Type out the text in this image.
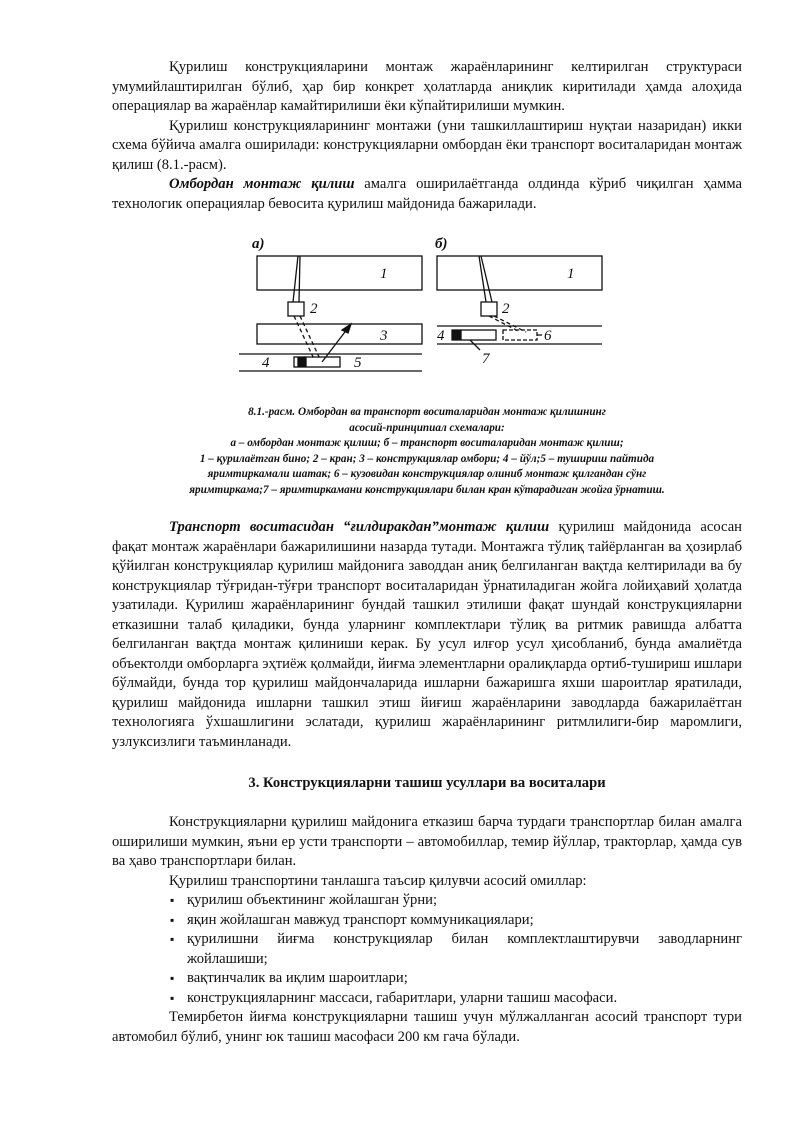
Қурилиш конструкцияларини монтаж жараёнларининг келтирилган структураси умумийлаштирилган бўлиб, ҳар бир конкрет ҳолатларда аниқлик киритилади ҳамда алоҳида операциялар ва жараёнлар камайтирилиши ёки кўпайтирилиши мумкин.

Қурилиш конструкцияларининг монтажи (уни ташкиллаштириш нуқтаи назаридан) икки схема бўйича амалга оширилади: конструкцияларни омбордан ёки транспорт воситаларидан монтаж қилиш (8.1.-расм).

Омбордан монтаж қилиш амалга оширилаётганда олдинда кўриб чиқилган ҳамма технологик операциялар бевосита қурилиш майдонида бажарилади.

а)	б)
1
2
3
4	5
1
2
4	6
7
8.1.-расм. Омбордан ва транспорт воситаларидан монтаж қилишнинг
асосий-принципиал схемалари:
а – омбордан монтаж қилиш; б – транспорт воситаларидан монтаж қилиш;
1 – қурилаётган бино; 2 – кран; 3 – конструкциялар омбори; 4 – йўл;5 – тушириш пайтида
яримтиркамали шатак; 6 – кузовидан конструкциялар олиниб монтаж қилгандан сўнг
яримтиркама;7 – яримтиркамани конструкциялари билан кран кўтарадиган жойга ўрнатиш.

Транспорт воситасидан “ғилдиракдан”монтаж қилиш қурилиш майдонида асосан фақат монтаж жараёнлари бажарилишини назарда тутади. Монтажга тўлиқ тайёрланган ва ҳозирлаб қўйилган конструкциялар қурилиш майдонига заводдан аниқ белгиланган вақтда келтирилади ва бу конструкциялар тўғридан-тўғри транспорт воситаларидан ўрнатиладиган жойга лойиҳавий ҳолатда узатилади. Қурилиш жараёнларининг бундай ташкил этилиши фақат шундай конструкцияларни етказишни талаб қиладики, бунда уларнинг комплектлари тўлиқ ва ритмик равишда албатта белгиланган вақтда монтаж қилиниши керак. Бу усул илғор усул ҳисобланиб, бунда амалиётда объектолди омборларга эҳтиёж қолмайди, йиғма элементларни оралиқларда ортиб-тушириш ишлари бўлмайди, бунда тор қурилиш майдончаларида ишларни бажаришга яхши шароитлар яратилади, қурилиш майдонида ишларни ташкил этиш йиғиш жараёнларини заводларда бажарилаётган технологияга ўхшашлигини эслатади, қурилиш жараёнларининг ритмлилиги-бир маромлиги, узлуксизлиги таъминланади.

3. Конструкцияларни ташиш усуллари ва воситалари

Конструкцияларни қурилиш майдонига етказиш барча турдаги транспортлар билан амалга оширилиши мумкин, яъни ер усти транспорти – автомобиллар, темир йўллар, тракторлар, ҳамда сув ва ҳаво транспортлари билан.

Қурилиш транспортини танлашга таъсир қилувчи асосий омиллар:

▪ қурилиш объектининг жойлашган ўрни;
▪ яқин жойлашган мавжуд транспорт коммуникациялари;
▪ қурилишни йиғма конструкциялар билан комплектлаштирувчи заводларнинг жойлашиши;
▪ вақтинчалик ва иқлим шароитлари;
▪ конструкцияларнинг массаси, габаритлари, уларни ташиш масофаси.

Темирбетон йиғма конструкцияларни ташиш учун мўлжалланган асосий транспорт тури автомобил бўлиб, унинг юк ташиш масофаси 200 км гача бўлади.
